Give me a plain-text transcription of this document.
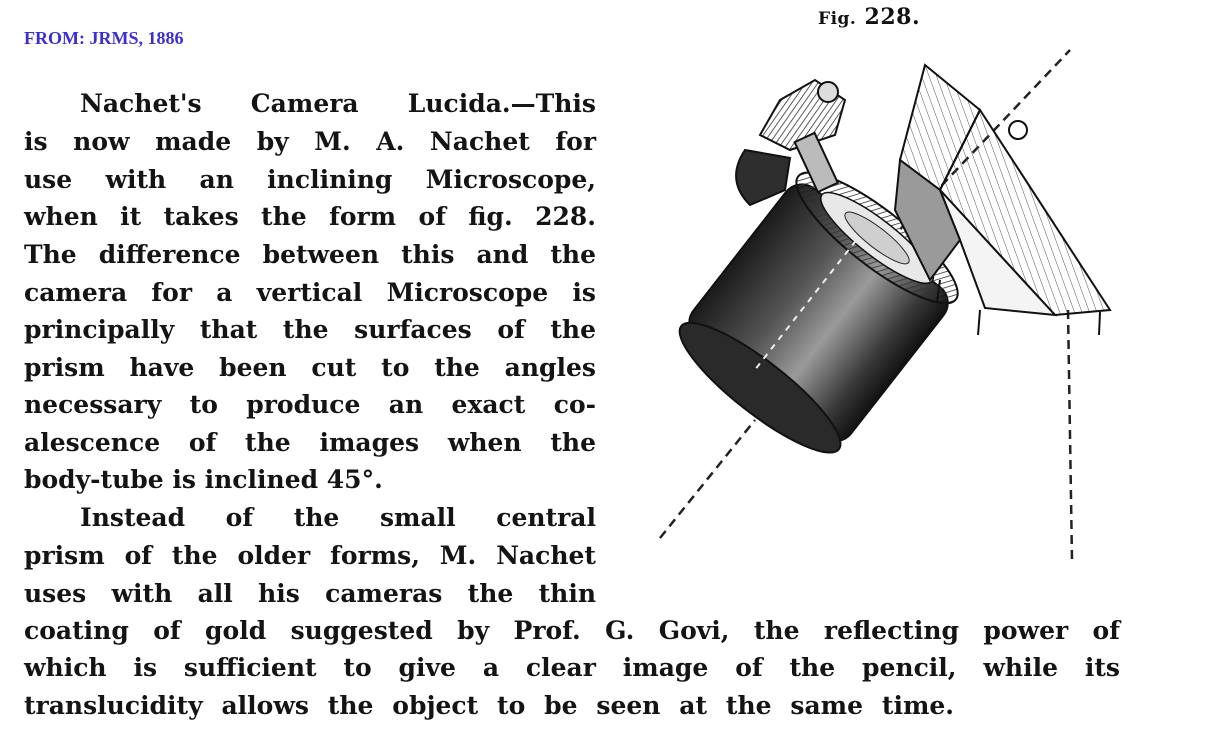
FROM: JRMS, 1886

Fig. 228.

Nachet's Camera Lucida.—This

is now made by M. A. Nachet for

use with an inclining Microscope,

when it takes the form of fig. 228.

The difference between this and the

camera for a vertical Microscope is

principally that the surfaces of the

prism have been cut to the angles

necessary to produce an exact co-

alescence of the images when the

body-tube is inclined 45°.

Instead of the small central

prism of the older forms, M. Nachet

uses with all his cameras the thin

coating of gold suggested by Prof. G. Govi, the reflecting power of

which is sufficient to give a clear image of the pencil, while its

translucidity allows the object to be seen at the same time.
